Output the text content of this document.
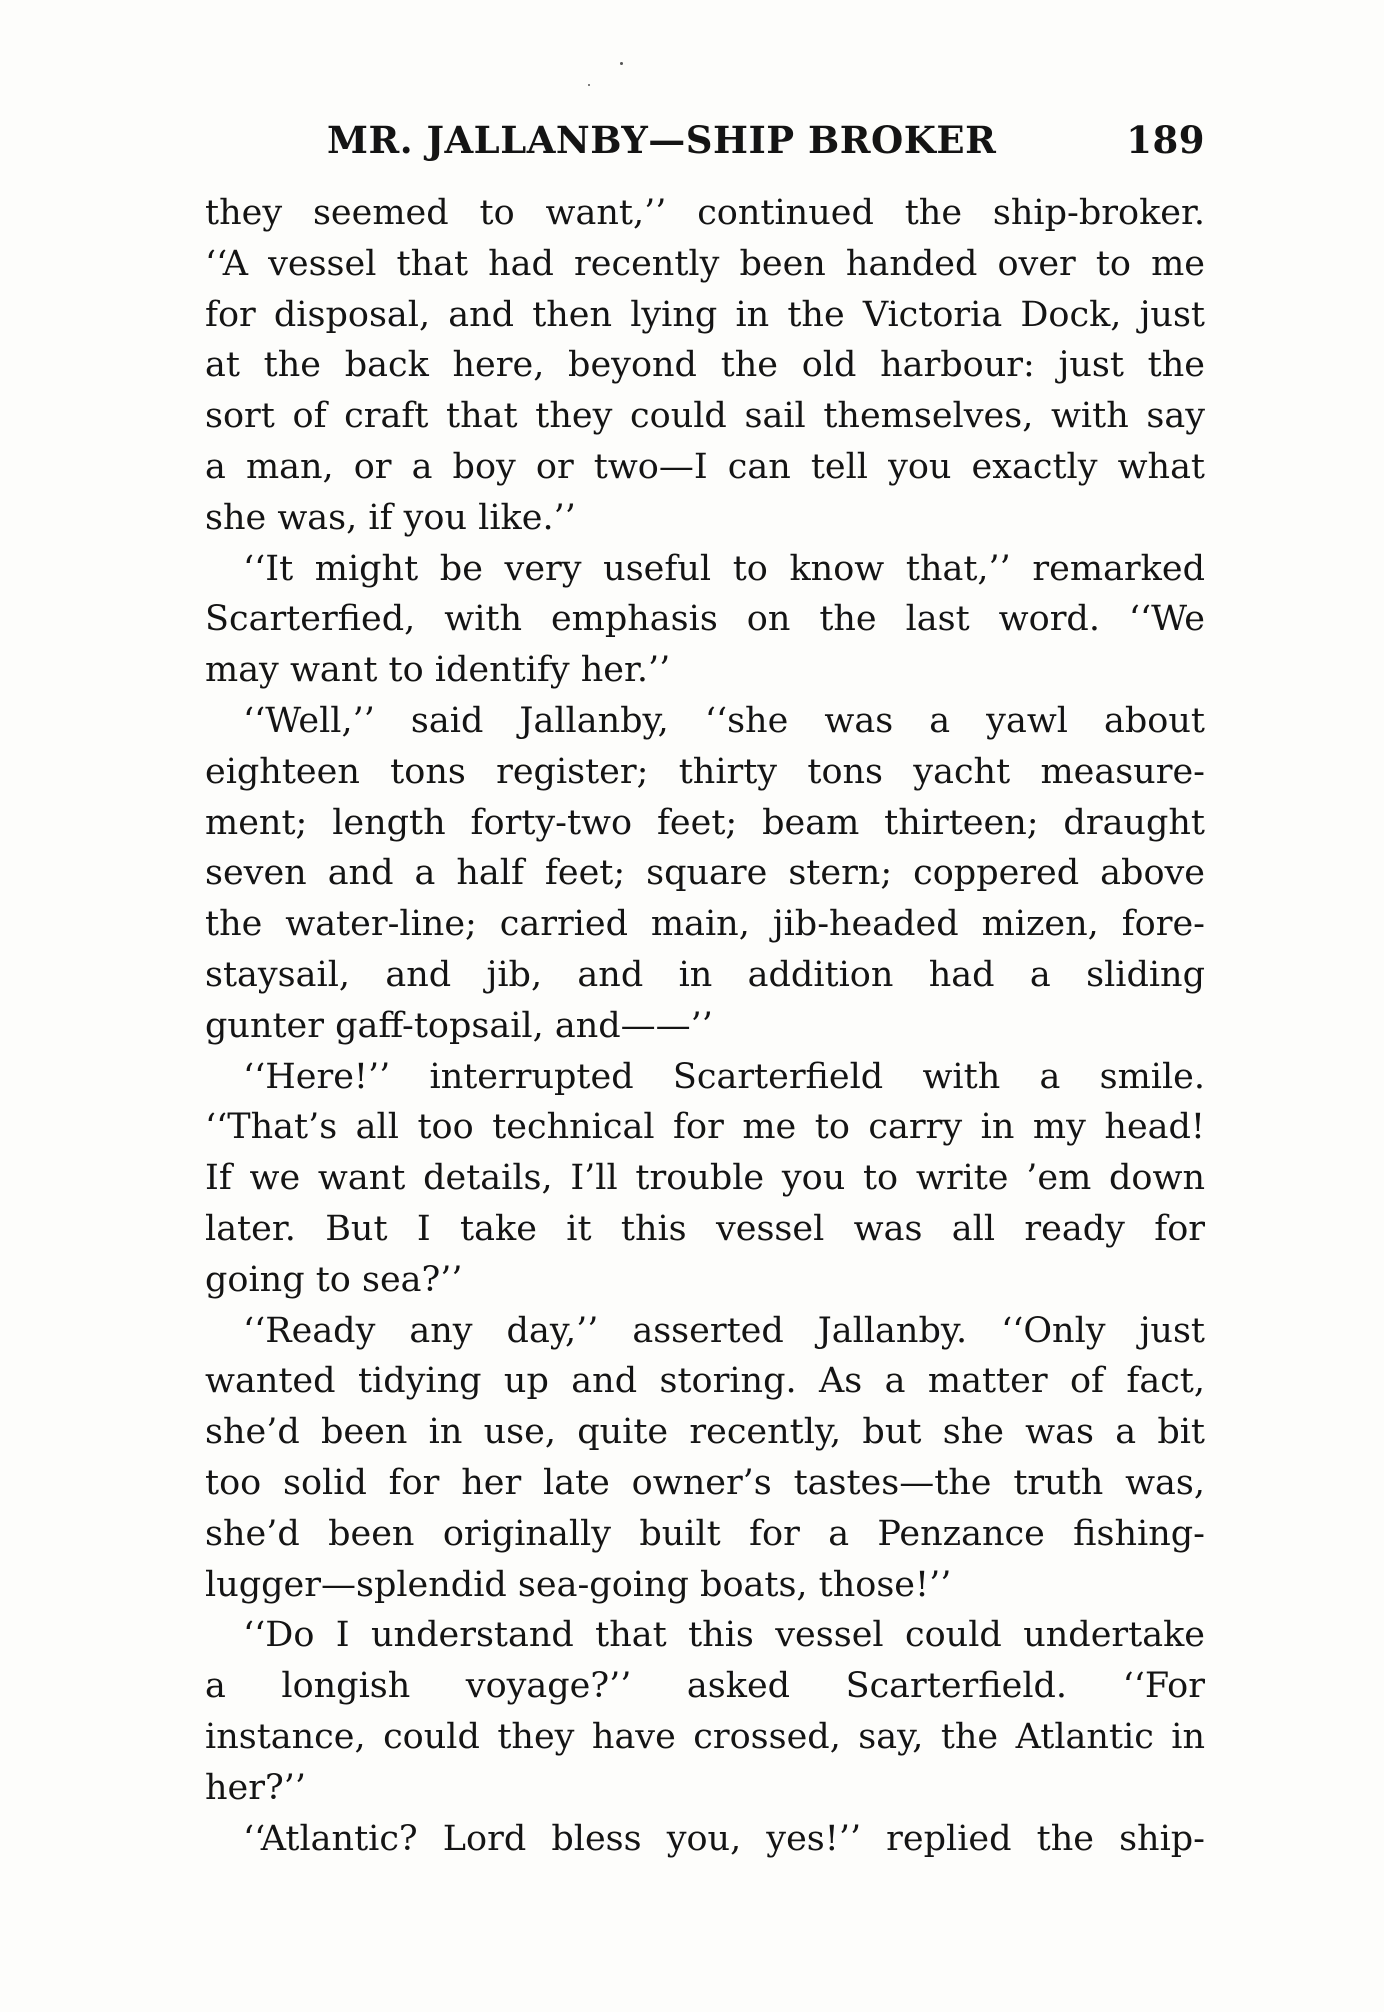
MR. JALLANBY—SHIP BROKER	189
they seemed to want,’’ continued the ship-broker.
‘‘A vessel that had recently been handed over to me
for disposal, and then lying in the Victoria Dock, just
at the back here, beyond the old harbour: just the
sort of craft that they could sail themselves, with say
a man, or a boy or two—I can tell you exactly what
she was, if you like.’’
‘‘It might be very useful to know that,’’ remarked
Scarterfied, with emphasis on the last word. ‘‘We
may want to identify her.’’
‘‘Well,’’ said Jallanby, ‘‘she was a yawl about
eighteen tons register; thirty tons yacht measure-
ment; length forty-two feet; beam thirteen; draught
seven and a half feet; square stern; coppered above
the water-line; carried main, jib-headed mizen, fore-
staysail, and jib, and in addition had a sliding
gunter gaff-topsail, and——’’
‘‘Here!’’ interrupted Scarterfield with a smile.
‘‘That’s all too technical for me to carry in my head!
If we want details, I’ll trouble you to write ’em down
later. But I take it this vessel was all ready for
going to sea?’’
‘‘Ready any day,’’ asserted Jallanby. ‘‘Only just
wanted tidying up and storing. As a matter of fact,
she’d been in use, quite recently, but she was a bit
too solid for her late owner’s tastes—the truth was,
she’d been originally built for a Penzance fishing-
lugger—splendid sea-going boats, those!’’
‘‘Do I understand that this vessel could undertake
a longish voyage?’’ asked Scarterfield. ‘‘For
instance, could they have crossed, say, the Atlantic in
her?’’
‘‘Atlantic? Lord bless you, yes!’’ replied the ship-
